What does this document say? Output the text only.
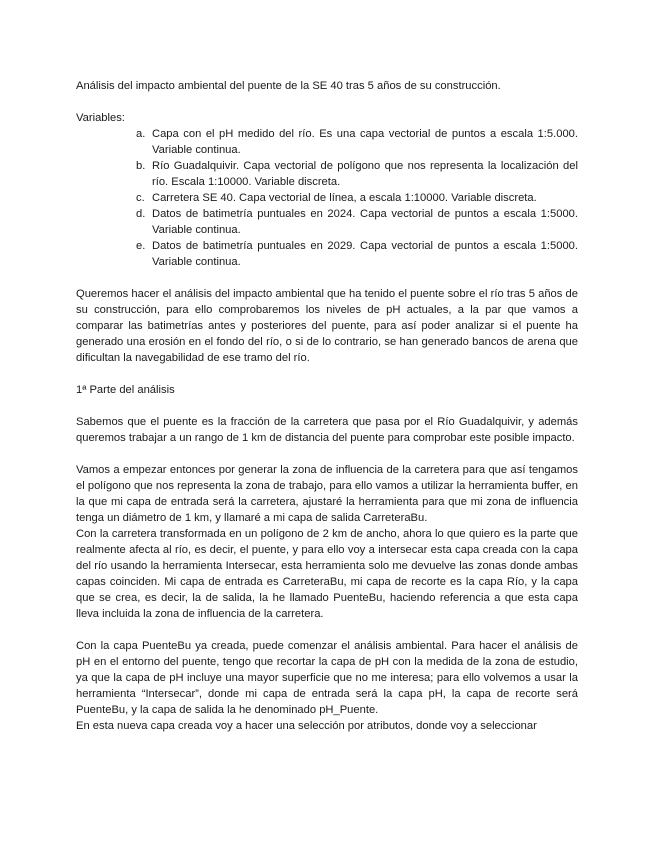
Análisis del impacto ambiental del puente de la SE 40 tras 5 años de su construcción.

Variables:

a. Capa con el pH medido del río. Es una capa vectorial de puntos a escala 1:5.000. Variable continua.
b. Río Guadalquivir. Capa vectorial de polígono que nos representa la localización del río. Escala 1:10000. Variable discreta.
c. Carretera SE 40. Capa vectorial de línea, a escala 1:10000. Variable discreta.
d. Datos de batimetría puntuales en 2024. Capa vectorial de puntos a escala 1:5000. Variable continua.
e. Datos de batimetría puntuales en 2029. Capa vectorial de puntos a escala 1:5000. Variable continua.

Queremos hacer el análisis del impacto ambiental que ha tenido el puente sobre el río tras 5 años de su construcción, para ello comprobaremos los niveles de pH actuales, a la par que vamos a comparar las batimetrías antes y posteriores del puente, para así poder analizar si el puente ha generado una erosión en el fondo del río, o si de lo contrario, se han generado bancos de arena que dificultan la navegabilidad de ese tramo del río.

1ª Parte del análisis

Sabemos que el puente es la fracción de la carretera que pasa por el Río Guadalquivir, y además queremos trabajar a un rango de 1 km de distancia del puente para comprobar este posible impacto.

Vamos a empezar entonces por generar la zona de influencia de la carretera para que así tengamos el polígono que nos representa la zona de trabajo, para ello vamos a utilizar la herramienta buffer, en la que mi capa de entrada será la carretera, ajustaré la herramienta para que mi zona de influencia tenga un diámetro de 1 km, y llamaré a mi capa de salida CarreteraBu.

Con la carretera transformada en un polígono de 2 km de ancho, ahora lo que quiero es la parte que realmente afecta al río, es decir, el puente, y para ello voy a intersecar esta capa creada con la capa del río usando la herramienta Intersecar, esta herramienta solo me devuelve las zonas donde ambas capas coinciden. Mi capa de entrada es CarreteraBu, mi capa de recorte es la capa Río, y la capa que se crea, es decir, la de salida, la he llamado PuenteBu, haciendo referencia a que esta capa lleva incluida la zona de influencia de la carretera.

Con la capa PuenteBu ya creada, puede comenzar el análisis ambiental. Para hacer el análisis de pH en el entorno del puente, tengo que recortar la capa de pH con la medida de la zona de estudio, ya que la capa de pH incluye una mayor superficie que no me interesa; para ello volvemos a usar la herramienta “Intersecar”, donde mi capa de entrada será la capa pH, la capa de recorte será PuenteBu, y la capa de salida la he denominado pH_Puente.

En esta nueva capa creada voy a hacer una selección por atributos, donde voy a seleccionar
